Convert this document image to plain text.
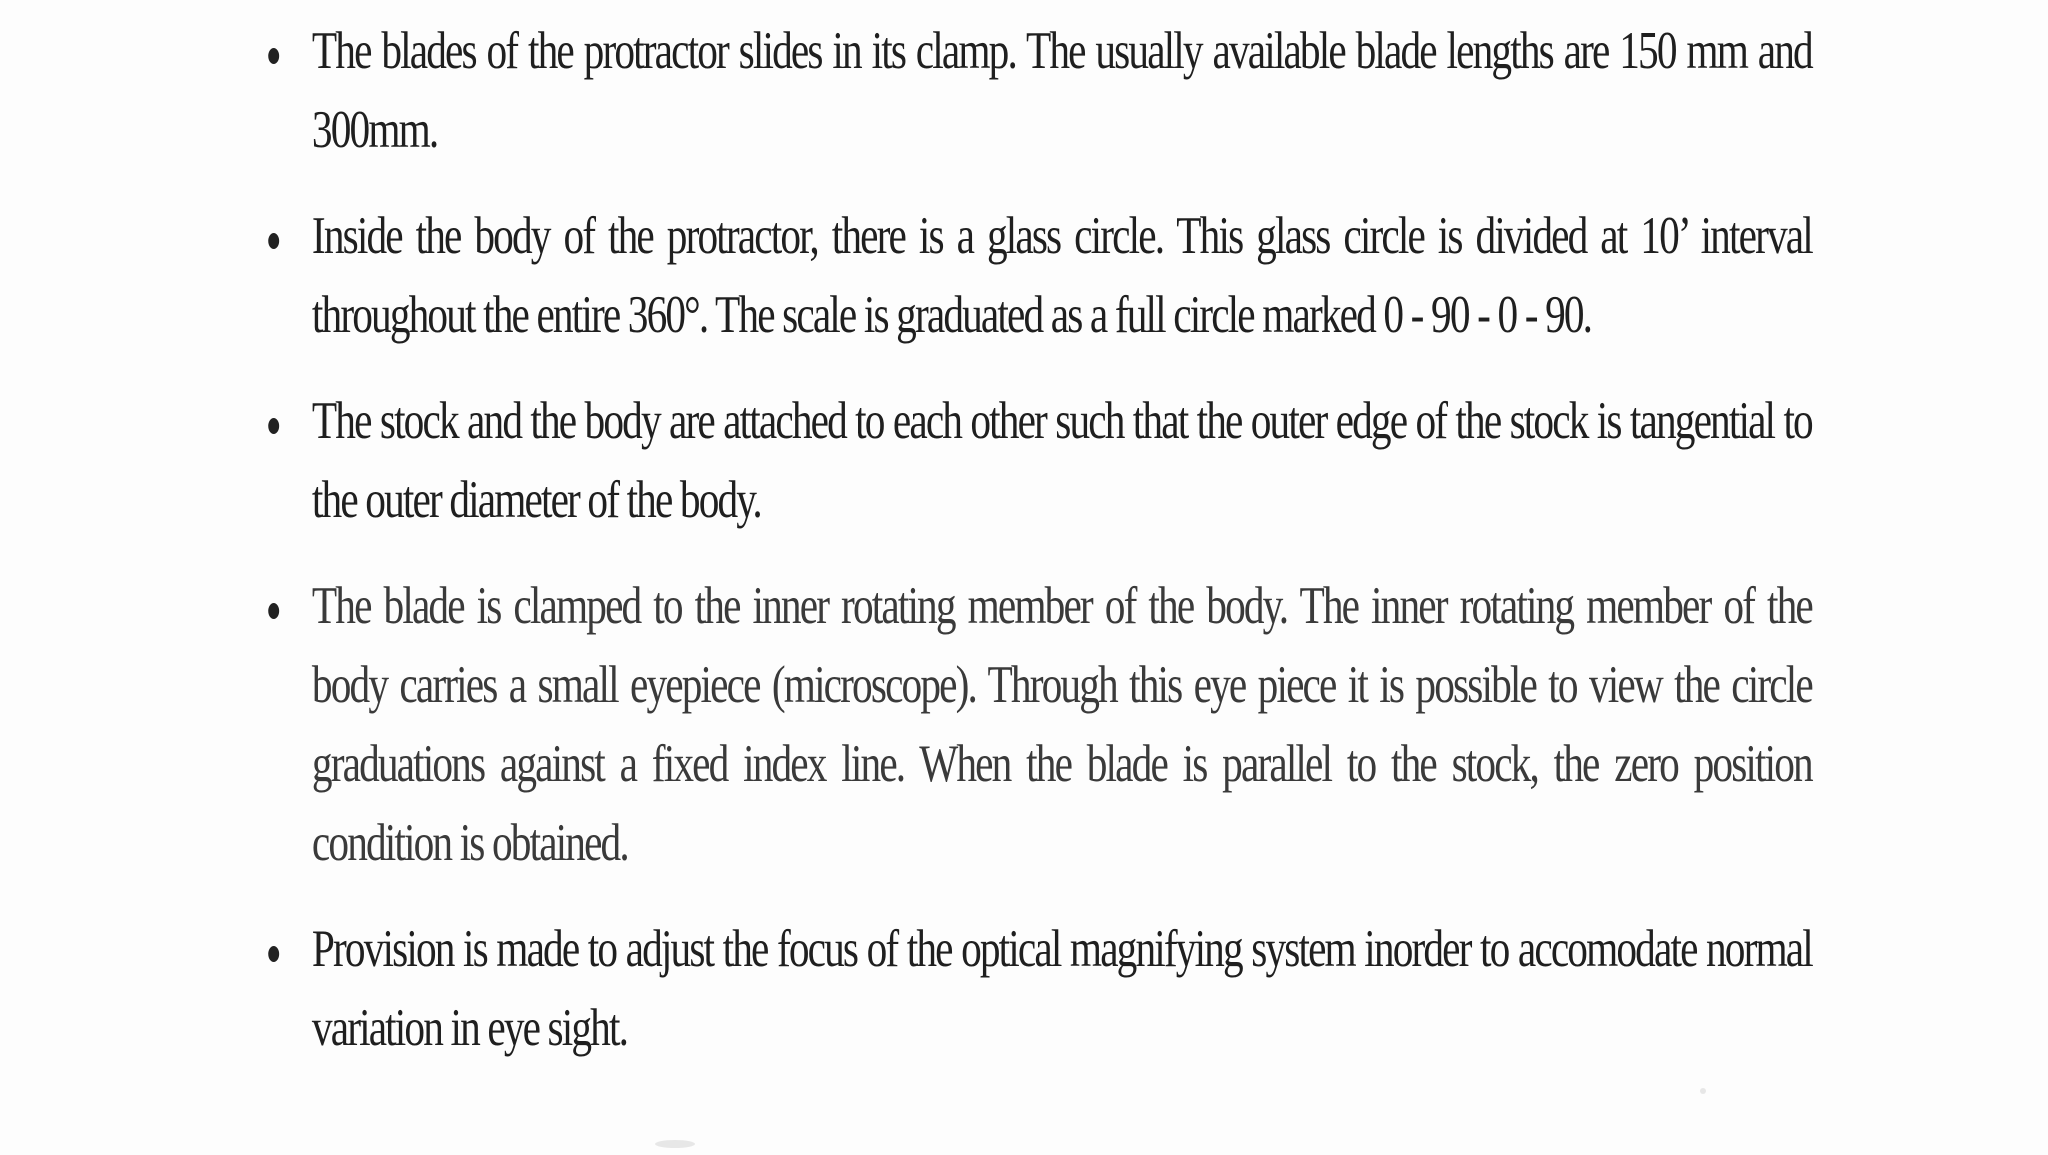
The blades of the protractor slides in its clamp. The usually available blade lengths are 150 mm and 300mm.
Inside the body of the protractor, there is a glass circle. This glass circle is divided at 10’ interval throughout the entire 360°. The scale is graduated as a full circle marked 0 - 90 - 0 - 90.
The stock and the body are attached to each other such that the outer edge of the stock is tangential to the outer diameter of the body.
The blade is clamped to the inner rotating member of the body. The inner rotating member of the body carries a small eyepiece (microscope). Through this eye piece it is possible to view the circle graduations against a fixed index line. When the blade is parallel to the stock, the zero position condition is obtained.
Provision is made to adjust the focus of the optical magnifying system inorder to accomodate normal variation in eye sight.
